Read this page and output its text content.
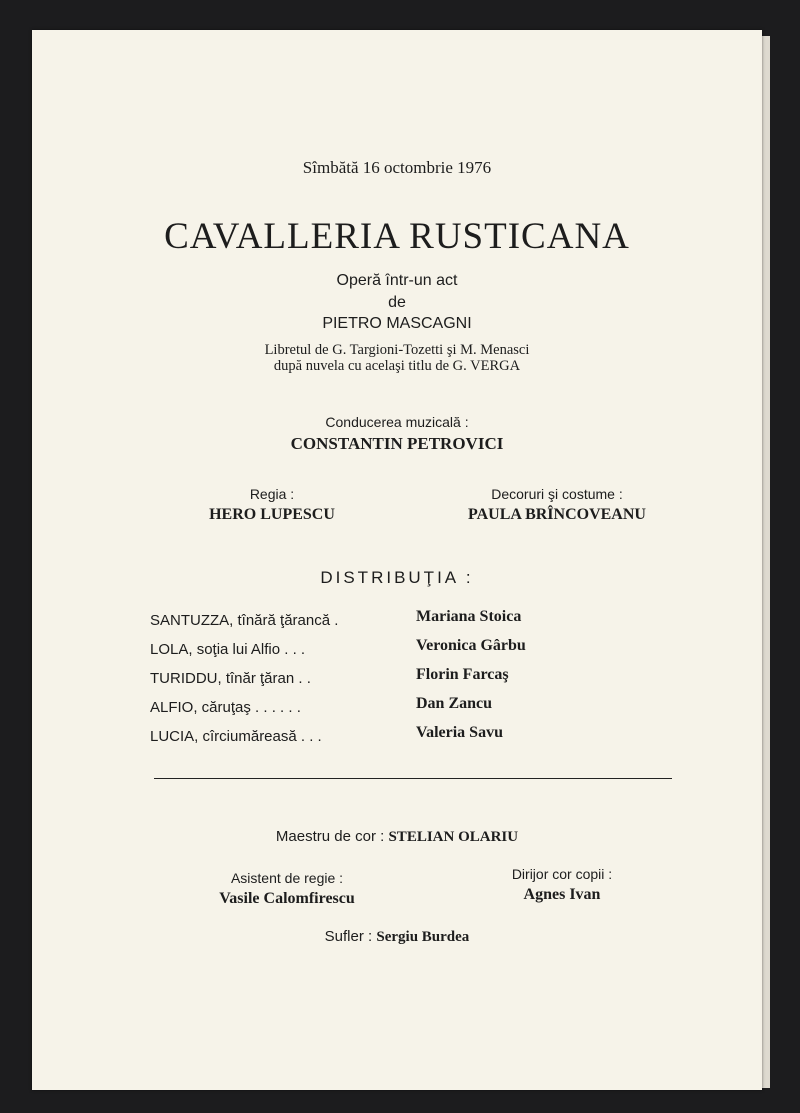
Sîmbătă 16 octombrie 1976
CAVALLERIA RUSTICANA
Operă într-un act
de
PIETRO MASCAGNI
Libretul de G. Targioni-Tozetti şi M. Menasci
după nuvela cu acelaşi titlu de G. VERGA
Conducerea muzicală :
CONSTANTIN PETROVICI
Regia :
HERO LUPESCU
Decoruri şi costume :
PAULA BRÎNCOVEANU
DISTRIBUŢIA :
SANTUZZA, tînără ţărancă .	Mariana Stoica
LOLA, soţia lui Alfio . . .	Veronica Gârbu
TURIDDU, tînăr ţăran . .	Florin Farcaş
ALFIO, căruţaş . . . . . .	Dan Zancu
LUCIA, cîrciumăreasă . . .	Valeria Savu
Maestru de cor : STELIAN OLARIU
Asistent de regie :
Vasile Calomfirescu
Dirijor cor copii :
Agnes Ivan
Sufler : Sergiu Burdea
